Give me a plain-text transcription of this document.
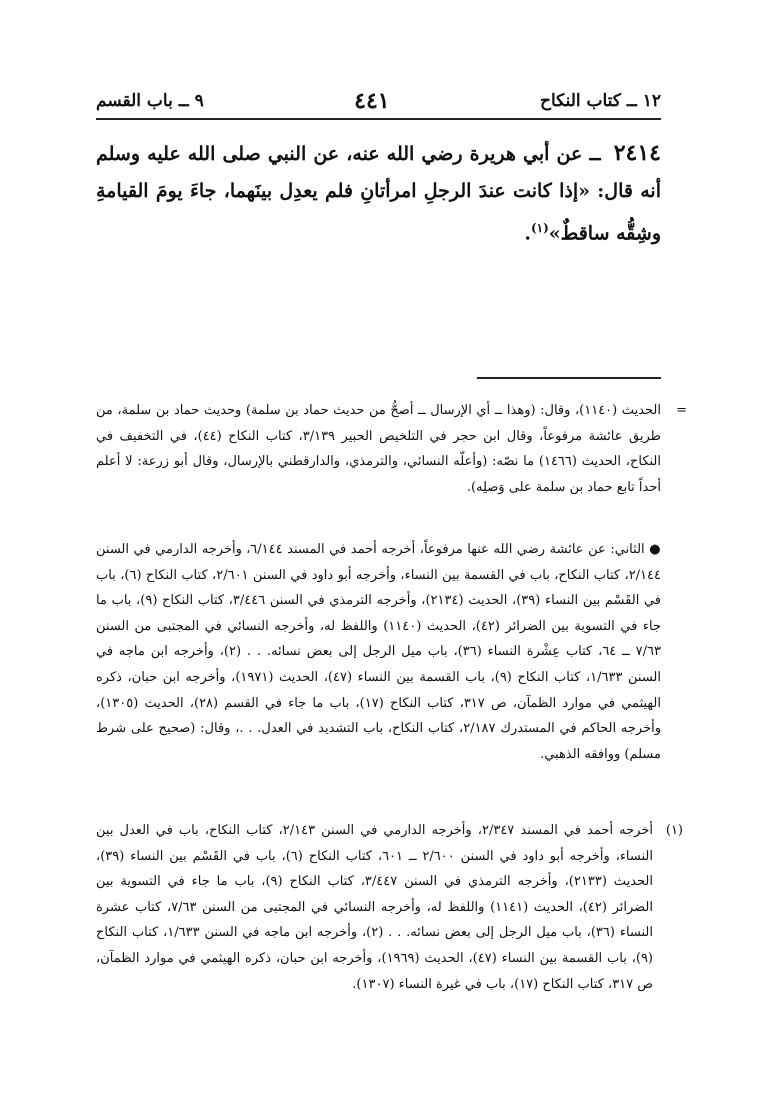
١٢ ــ كتاب النكاح
٤٤١
٩ ــ باب القسم
٢٤١٤ ــ عن أبي هريرة رضي الله عنه، عن النبي صلى الله عليه وسلم أنه قال: «إذا كانت عندَ الرجلِ امرأتانِ فلم يعدِل بينَهما، جاءَ يومَ القيامةِ وشِقُّه ساقطٌ»$^{(١)}$.
=
الحديث (١١٤٠)، وقال: (وهذا ــ أي الإرسال ــ أصحُّ من حديث حماد بن سلمة) وحديث حماد بن سلمة، من طريق عائشة مرفوعاً، وقال ابن حجر في التلخيص الحبير ٣/١٣٩، كتاب النكاح (٤٤)، في التخفيف في النكاح، الحديث (١٤٦٦) ما نصّه: (وأعلّه النسائي، والترمذي، والدارقطني بالإرسال، وقال أبو زرعة: لا أعلم أحداً تابع حماد بن سلمة على وَصلِه).
● الثاني: عن عائشة رضي الله عنها مرفوعاً، أخرجه أحمد في المسند ٦/١٤٤، وأخرجه الدارمي في السنن ٢/١٤٤، كتاب النكاح، باب في القسمة بين النساء، وأخرجه أبو داود في السنن ٢/٦٠١، كتاب النكاح (٦)، باب في القَسْم بين النساء (٣٩)، الحديث (٢١٣٤)، وأخرجه الترمذي في السنن ٣/٤٤٦، كتاب النكاح (٩)، باب ما جاء في التسوية بين الضرائر (٤٢)، الحديث (١١٤٠) واللفظ له، وأخرجه النسائي في المجتبى من السنن ٧/٦٣ ــ ٦٤، كتاب عِشْرة النساء (٣٦)، باب ميل الرجل إلى بعض نسائه. . . (٢)، وأخرجه ابن ماجه في السنن ١/٦٣٣، كتاب النكاح (٩)، باب القسمة بين النساء (٤٧)، الحديث (١٩٧١)، وأخرجه ابن حبان، ذكره الهيثمي في موارد الظمآن، ص ٣١٧، كتاب النكاح (١٧)، باب ما جاء في القسم (٢٨)، الحديث (١٣٠٥)، وأخرجه الحاكم في المستدرك ٢/١٨٧، كتاب النكاح، باب التشديد في العدل. . .، وقال: (صحيح على شرط مسلم) ووافقه الذهبي.
(١)
أخرجه أحمد في المسند ٢/٣٤٧، وأخرجه الدارمي في السنن ٢/١٤٣، كتاب النكاح، باب في العدل بين النساء، وأخرجه أبو داود في السنن ٢/٦٠٠ ــ ٦٠١، كتاب النكاح (٦)، باب في القَسْم بين النساء (٣٩)، الحديث (٢١٣٣)، وأخرجه الترمذي في السنن ٣/٤٤٧، كتاب النكاح (٩)، باب ما جاء في التسوية بين الضرائر (٤٢)، الحديث (١١٤١) واللفظ له، وأخرجه النسائي في المجتبى من السنن ٧/٦٣، كتاب عشرة النساء (٣٦)، باب ميل الرجل إلى بعض نسائه. . . (٢)، وأخرجه ابن ماجه في السنن ١/٦٣٣، كتاب النكاح (٩)، باب القسمة بين النساء (٤٧)، الحديث (١٩٦٩)، وأخرجه ابن حبان، ذكره الهيثمي في موارد الظمآن، ص ٣١٧، كتاب النكاح (١٧)، باب في غيرة النساء (١٣٠٧).
